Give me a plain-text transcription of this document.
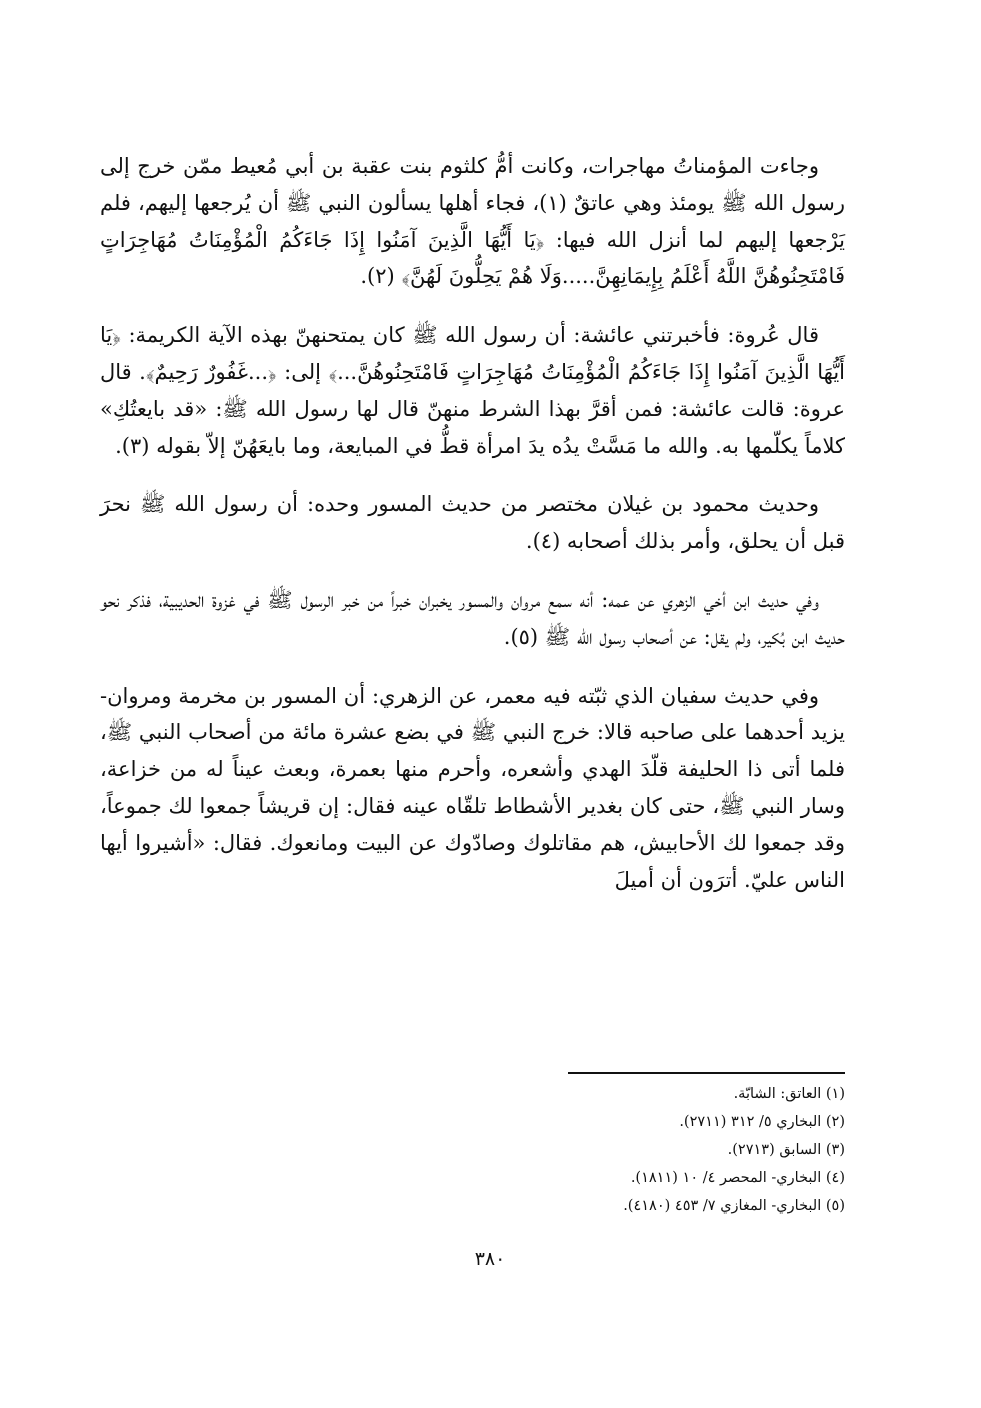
وجاءت المؤمناتُ مهاجرات، وكانت أمُّ كلثوم بنت عقبة بن أبي مُعيط ممّن خرج إلى رسول الله ﷺ يومئذ وهي عاتقٌ (١)، فجاء أهلها يسألون النبي ﷺ أن يُرجعها إليهم، فلم يَرْجعها إليهم لما أنزل الله فيها: ﴿يَا أَيُّهَا الَّذِينَ آمَنُوا إِذَا جَاءَكُمُ الْمُؤْمِنَاتُ مُهَاجِرَاتٍ فَامْتَحِنُوهُنَّ اللَّهُ أَعْلَمُ بِإِيمَانِهِنَّ.....وَلَا هُمْ يَحِلُّونَ لَهُنَّ﴾ (٢).

قال عُروة: فأخبرتني عائشة: أن رسول الله ﷺ كان يمتحنهنّ بهذه الآية الكريمة: ﴿يَا أَيُّهَا الَّذِينَ آمَنُوا إِذَا جَاءَكُمُ الْمُؤْمِنَاتُ مُهَاجِرَاتٍ فَامْتَحِنُوهُنَّ...﴾ إلى: ﴿...غَفُورٌ رَحِيمٌ﴾. قال عروة: قالت عائشة: فمن أقرَّ بهذا الشرط منهنّ قال لها رسول الله ﷺ: «قد بايعتُكِ» كلاماً يكلّمها به. والله ما مَسَّتْ يدُه يدَ امرأة قطُّ في المبايعة، وما بايعَهُنّ إلاّ بقوله (٣).

وحديث محمود بن غيلان مختصر من حديث المسور وحده: أن رسول الله ﷺ نحرَ قبل أن يحلق، وأمر بذلك أصحابه (٤).

وفي حديث ابن أخي الزهري عن عمه: أنه سمع مروان والمسور يخبران خبراً من خبر الرسول ﷺ في غزوة الحديبية، فذكر نحو حديث ابن بُكير، ولم يقل: عن أصحاب رسول الله ﷺ (٥).

وفي حديث سفيان الذي ثبّته فيه معمر، عن الزهري: أن المسور بن مخرمة ومروان- يزيد أحدهما على صاحبه قالا: خرج النبي ﷺ في بضع عشرة مائة من أصحاب النبي ﷺ، فلما أتى ذا الحليفة قلّدَ الهدي وأشعره، وأحرم منها بعمرة، وبعث عيناً له من خزاعة، وسار النبي ﷺ، حتى كان بغدير الأشطاط تلقّاه عينه فقال: إن قريشاً جمعوا لك جموعاً، وقد جمعوا لك الأحابيش، هم مقاتلوك وصادّوك عن البيت ومانعوك. فقال: «أشيروا أيها الناس عليّ. أترَون أن أميلَ

(١) العاتق: الشابّة.

(٢) البخاري ٥/ ٣١٢ (٢٧١١).

(٣) السابق (٢٧١٣).

(٤) البخاري- المحصر ٤/ ١٠ (١٨١١).

(٥) البخاري- المغازي ٧/ ٤٥٣ (٤١٨٠).

٣٨٠
